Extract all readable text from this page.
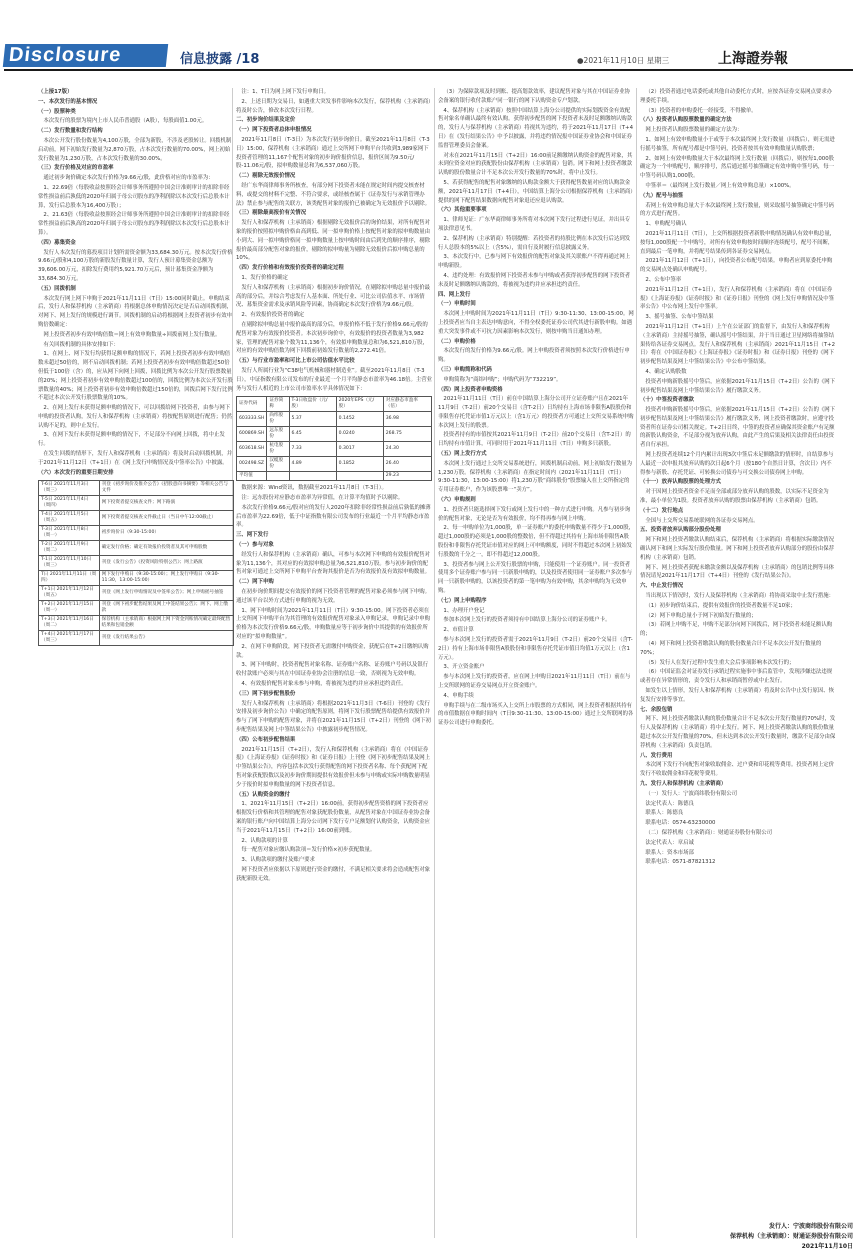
Disclosure	信息披露 /18	●2021年11月10日 星期三	上海證券報

（上接17版）

一、本次发行的基本情况

（一）股票种类

本次发行的股票为境内上市人民币普通股（A股），每股面值1.00元。

（二）发行数量和发行结构

本次公开发行股份数量为4,100万股，全部为新股，不涉及老股转让。回拨机制启动前，网下初始发行数量为2,870万股，占本次发行数量的70.00%，网上初始发行数量为1,230万股，占本次发行数量的30.00%。

（三）发行价格及对应的市盈率

通过初步询价确定本次发行价格为9.66元/股，此价格对应的市盈率为：

1、22.69倍（每股收益按照经会计师事务所遵照中国会计准则审计的扣除非经常性损益前后孰低的2020年归属于母公司股东的净利润除以本次发行后总股本计算，发行后总股本为16,400万股）；

2、21.63倍（每股收益按照经会计师事务所遵照中国会计准则审计的扣除非经常性损益前后孰高的2020年归属于母公司股东的净利润除以本次发行后总股本计算）。

（四）募集资金

发行人本次发行的募投项目计划所需资金额为33,684.30万元。按本次发行价格9.66元/股和4,100万股的新股发行数量计算，发行人预计募集资金总额为39,606.00万元，扣除发行费用约5,921.70万元后，预计募集资金净额为33,684.30万元。

（五）回拨机制

本次发行网上网下申购于2021年11月11日（T日）15:00同时截止。申购结束后，发行人和保荐机构（主承销商）将根据总体申购情况决定是否启动回拨机制，对网下、网上发行的规模进行调节。回拨机制的启动将根据网上投资者初步有效申购倍数确定：

网上投资者初步有效申购倍数＝网上有效申购数量÷回拨前网上发行数量。

有关回拨机制的具体安排如下：

1、在网上、网下发行均获得足额申购的情况下，若网上投资者初步有效申购倍数未超过50倍的，则不启动回拨机制；若网上投资者初步有效申购倍数超过50倍但低于100倍（含）的，应从网下向网上回拨，回拨比例为本次公开发行股票数量的20%；网上投资者初步有效申购倍数超过100倍的，回拨比例为本次公开发行股票数量的40%；网上投资者初步有效申购倍数超过150倍的，回拨后网下发行比例不超过本次公开发行股票数量的10%。

2、在网上发行未获得足额申购的情况下，可以回拨给网下投资者，由参与网下申购的投资者认购，发行人和保荐机构（主承销商）将按配售原则进行配售；仍然认购不足的，则中止发行。

3、在网下发行未获得足额申购的情况下，不足部分不向网上回拨，将中止发行。

在发生回拨的情形下，发行人和保荐机构（主承销商）将及时启动回拨机制，并于2021年11月12日（T+1日）在《网上发行申购情况及中签率公告》中披露。

（六）本次发行的重要日期安排

T-6日 2021年11月3日（周三）	刊登《初步询价及推介公告》《招股意向书摘要》等相关公告与文件
T-5日 2021年11月4日（周四）	网下投资者提交核查文件；网下路演
T-4日 2021年11月5日（周五）	网下投资者提交核查文件截止日（当日中午12:00截止）
T-3日 2021年11月8日（周一）	初步询价日（9:30-15:00）
T-2日 2021年11月9日（周二）	确定发行价格；确定有效报价投资者及其可申购股数
T-1日 2021年11月10日（周三）	刊登《发行公告》《投资风险特别公告》；网上路演
T日 2021年11月11日（周四）	网下发行申购日（9:30-15:00）；网上发行申购日（9:30-11:30，13:00-15:00）
T+1日 2021年11月12日（周五）	刊登《网上发行申购情况及中签率公告》；网上申购摇号抽签
T+2日 2021年11月15日（周一）	刊登《网下初步配售结果及网上中签结果公告》；网下、网上缴款
T+3日 2021年11月16日（周二）	保荐机构（主承销商）根据网上网下资金到账情况确定最终配售结果和包销金额
T+4日 2021年11月17日（周三）	刊登《发行结果公告》

注：1、T日为网上网下发行申购日。

2、上述日期为交易日，如遇重大突发事件影响本次发行，保荐机构（主承销商）将及时公告，修改本次发行日程。

二、初步询价结果及定价

（一）网下投资者总体申报情况

2021年11月8日（T-3日）为本次发行初步询价日。截至2021年11月8日（T-3日）15:00，保荐机构（主承销商）通过上交所网下申购平台共收到3,989家网下投资者管理的11,167个配售对象的初步询价报价信息，报价区间为9.50元/股-11.06元/股，拟申购数量总和为6,537,060万股。

（二）剔除无效报价情况

经广东华商律师事务所核查，有部分网下投资者未能在规定时间内提交核查材料，或提交的材料不完整、不符合要求，或经核查属于《证券发行与承销管理办法》禁止参与配售的关联方，该类配售对象的报价已被确定为无效报价予以剔除。

（三）剔除最高报价有关情况

发行人和保荐机构（主承销商）根据剔除无效报价后的询价结果，对所有配售对象的报价按照拟申购价格由高到低、同一拟申购价格上按配售对象的拟申购数量由小到大、同一拟申购价格同一拟申购数量上按申购时间由后到先的顺序排序，剔除报价最高部分配售对象的报价，剔除的拟申购量为剔除无效报价后拟申购总量的10%。

（四）发行价格和有效报价投资者的确定过程

1、发行价格的确定

发行人和保荐机构（主承销商）根据初步询价情况，在剔除拟申购总量中报价最高的部分后，并综合考虑发行人基本面、所处行业、可比公司估值水平、市场情况、募集资金需求及承销风险等因素，协商确定本次发行价格为9.66元/股。

2、有效报价投资者的确定

在剔除拟申购总量中报价最高的部分后，申报价格不低于发行价格9.66元/股的配售对象为有效报价投资者。本次初步询价中，有效报价的投资者数量为3,982家，管理的配售对象个数为11,136个，有效拟申购数量总和为6,521,810万股，对应的有效申购倍数为网下回拨前初始发行数量的2,272.41倍。

（五）与行业市盈率和可比上市公司估值水平比较

发行人所属行业为“C38电气机械和器材制造业”。截至2021年11月8日（T-3日），中证指数有限公司发布的行业最近一个月平均静态市盈率为46.18倍。主营业务与发行人相近的上市公司市盈率水平具体情况如下：

证券代码	证券简称	T-3日收盘价（元/股）	2020年EPS（元/股）	对应静态市盈率（倍）
603333.SH	尚纬股份	5.37	0.1452	36.98
600869.SH	远东股份	6.45	0.0240	268.75
603618.SH	杭电股份	7.33	0.3017	24.30
002498.SZ	汉缆股份	4.89	0.1852	26.40
平均值				29.23

数据来源：Wind资讯，数据截至2021年11月8日（T-3日）。

注：远东股份对应静态市盈率为异常值，在计算平均值时予以剔除。

本次发行价格9.66元/股对应的发行人2020年扣除非经常性损益前后孰低的摊薄后市盈率为22.69倍，低于中证指数有限公司发布的行业最近一个月平均静态市盈率。

三、网下发行

（一）参与对象

经发行人和保荐机构（主承销商）确认，可参与本次网下申购的有效报价配售对象为11,136个，其对应的有效拟申购总量为6,521,810万股。参与初步询价的配售对象可通过上交所网下申购平台查询其报价是否为有效报价及有效拟申购数量。

（二）网下申购

在初步询价期间提交有效报价的网下投资者管理的配售对象必须参与网下申购。通过该平台以外方式进行申购的视为无效。

1、网下申购时间为2021年11月11日（T日）9:30-15:00。网下投资者必须在上交所网下申购平台为其管理的有效报价配售对象录入申购记录，申购记录中申购价格为本次发行价格9.66元/股，申购数量应等于初步询价中其提供的有效报价所对应的“拟申购数量”。

2、在网下申购阶段，网下投资者无需缴付申购资金，获配后在T+2日缴纳认购款。

3、网下申购时，投资者配售对象名称、证券账户名称、证券账户号码以及银行收付款账户必须与其在中国证券业协会注册的信息一致，否则视为无效申购。

4、有效报价配售对象未参与申购，将被视为违约并应承担违约责任。

（三）网下初步配售股份

发行人和保荐机构（主承销商）将根据2021年11月3日（T-6日）刊登的《发行安排及初步询价公告》中确定的配售原则，将网下发行股票配售给提供有效报价并参与了网下申购的配售对象，并将在2021年11月15日（T+2日）刊登的《网下初步配售结果及网上中签结果公告》中披露初步配售情况。

（四）公布初步配售结果

2021年11月15日（T+2日），发行人和保荐机构（主承销商）将在《中国证券报》《上海证券报》《证券时报》和《证券日报》上刊登《网下初步配售结果及网上中签结果公告》，内容包括本次发行获得配售的网下投资者名称、每个获配网下配售对象获配股数以及初步询价期间提供有效报价但未参与申购或实际申购数量明显少于报价时拟申购数量的网下投资者信息。

（五）认购资金的缴付

1、2021年11月15日（T+2日）16:00前，获得初步配售资格的网下投资者应根据发行价格和其管理的配售对象获配股份数量，从配售对象在中国证券业协会备案的银行账户向中国结算上海分公司网下发行专户足额划付认购资金，认购资金应当于2021年11月15日（T+2日）16:00前到账。

2、认购款项的计算

每一配售对象应缴认购款项＝发行价格×初步获配数量。

3、认购款项的缴付及账户要求

网下投资者应依据以下原则进行资金的缴付，不满足相关要求将会造成配售对象获配新股无效。

（3）为保障款项及时到账、提高划款效率，建议配售对象与其在中国证券业协会备案的银行收付款账户同一银行的网下认购资金专户划款。

4、保荐机构（主承销商）按照中国结算上海分公司提供的实际划拨资金有效配售对象名单确认最终有效认购。获得初步配售的网下投资者未及时足额缴纳认购款的，发行人与保荐机构（主承销商）将视其为违约，将于2021年11月17日（T+4日）在《发行结果公告》中予以披露，并将违约情况报中国证券业协会和中国证券监督管理委员会备案。

对未在2021年11月15日（T+2日）16:00前足额缴纳认购资金的配售对象，其未到位资金对应的获配股份由保荐机构（主承销商）包销。网下和网上投资者缴款认购的股份数量合计不足本次公开发行数量的70%时，将中止发行。

5、若获得配售的配售对象缴纳的认购款金额大于获得配售数量对应的认购款金额，2021年11月17日（T+4日），中国结算上海分公司根据保荐机构（主承销商）提供的网下配售结果数据向配售对象退还应退认购款。

（六）其他重要事项

1、律师见证：广东华商律师事务所将对本次网下发行过程进行见证，并出具专项法律意见书。

2、保荐机构（主承销商）特别提醒：若投资者的持股比例在本次发行后达到发行人总股本的5%以上（含5%），需自行及时履行信息披露义务。

3、本次发行中，已参与网下有效报价的配售对象及其关联账户不得再通过网上申购新股。

4、违约处理：有效报价网下投资者未参与申购或者获得初步配售的网下投资者未及时足额缴纳认购款的，将被视为违约并应承担违约责任。

四、网上发行

（一）申购时间

本次网上申购时间为2021年11月11日（T日）9:30-11:30、13:00-15:00。网上投资者应当自主表达申购意向，不得全权委托证券公司代其进行新股申购。如遇重大突发事件或不可抗力因素影响本次发行，则按申购当日通知办理。

（二）申购价格

本次发行的发行价格为9.66元/股。网上申购投资者须按照本次发行价格进行申购。

（三）申购简称和代码

申购简称为“商纬申购”；申购代码为“732219”。

（四）网上投资者申购资格

2021年11月11日（T日）前在中国结算上海分公司开立证券账户且在2021年11月9日（T-2日）前20个交易日（含T-2日）日均持有上海市场非限售A股股份和非限售存托凭证市值1万元以上（含1万元）的投资者方可通过上交所交易系统申购本次网上发行的股票。

投资者持有的市值按其2021年11月9日（T-2日）前20个交易日（含T-2日）的日均持有市值计算，可同时用于2021年11月11日（T日）申购多只新股。

（五）网上发行方式

本次网上发行通过上交所交易系统进行，回拨机制启动前，网上初始发行数量为1,230万股。保荐机构（主承销商）在指定时间内（2021年11月11日（T日）9:30-11:30，13:00-15:00）将1,230万股“商纬股份”股票输入在上交所指定的专用证券账户，作为该股票唯一“卖方”。

（六）申购规则

1、投资者只能选择网下发行或网上发行中的一种方式进行申购。凡参与初步询价的配售对象，无论是否为有效报价，均不得再参与网上申购。

2、每一申购单位为1,000股，单一证券账户的委托申购数量不得少于1,000股，超过1,000股的必须是1,000股的整数倍，但不得超过其持有上海市场非限售A股股份和非限售存托凭证市值对应的网上可申购额度，同时不得超过本次网上初始发行股数的千分之一，即不得超过12,000股。

3、投资者参与网上公开发行股票的申购，只能使用一个证券账户。同一投资者使用多个证券账户参与同一只新股申购的，以及投资者使用同一证券账户多次参与同一只新股申购的，以该投资者的第一笔申购为有效申购，其余申购均为无效申购。

（七）网上申购程序

1、办理开户登记

参加本次网上发行的投资者须持有中国结算上海分公司的证券账户卡。

2、市值计算

参与本次网上发行的投资者需于2021年11月9日（T-2日）前20个交易日（含T-2日）持有上海市场非限售A股股份和非限售存托凭证市值日均值1万元以上（含1万元）。

3、开立资金账户

参与本次网上发行的投资者，应在网上申购日2021年11月11日（T日）前在与上交所联网的证券交易网点开立资金账户。

4、申购手续

申购手续与在二级市场买入上交所上市股票的方式相同，网上投资者根据其持有的市值数据在申购时间内（T日9:30-11:30、13:00-15:00）通过上交所联网的各证券公司进行申购委托。

（2）投资者通过电话委托或其他自动委托方式时，应按各证券交易网点要求办理委托手续。

（3）投资者的申购委托一经接受，不得撤单。

（八）投资者认购股票数量的确定方法

网上投资者认购股票数量的确定方法为：

1、如网上有效申购数量小于或等于本次最终网上发行数量（回拨后），则无需进行摇号抽签，所有配号都是中签号码，投资者按其有效申购数量认购股票；

2、如网上有效申购数量大于本次最终网上发行数量（回拨后），则按每1,000股确定为一个申购配号，顺序排号，然后通过摇号抽签确定有效申购中签号码，每一中签号码认购1,000股。

中签率＝（最终网上发行数量／网上有效申购总量）×100%。

（九）配号与抽签

若网上有效申购总量大于本次最终网上发行数量，则采取摇号抽签确定中签号码的方式进行配售。

1、申购配号确认

2021年11月11日（T日），上交所根据投资者新股申购情况确认有效申购总量，按每1,000股配一个申购号，对所有有效申购按时间顺序连续配号，配号不间断，直到最后一笔申购，并将配号结果传到各证券交易网点。

2021年11月12日（T+1日），向投资者公布配号结果。申购者应到原委托申购的交易网点处确认申购配号。

2、公布中签率

2021年11月12日（T+1日），发行人和保荐机构（主承销商）将在《中国证券报》《上海证券报》《证券时报》和《证券日报》刊登的《网上发行申购情况及中签率公告》中公布网上发行中签率。

3、摇号抽签、公布中签结果

2021年11月12日（T+1日）上午在公证部门的监督下，由发行人和保荐机构（主承销商）主持摇号抽签，确认摇号中签结果，并于当日通过卫星网络将抽签结果传给各证券交易网点。发行人和保荐机构（主承销商）2021年11月15日（T+2日）将在《中国证券报》《上海证券报》《证券时报》和《证券日报》刊登的《网下初步配售结果及网上中签结果公告》中公布中签结果。

4、确定认购股数

投资者申购新股摇号中签后，应依据2021年11月15日（T+2日）公告的《网下初步配售结果及网上中签结果公告》履行缴款义务。

（十）中签投资者缴款

投资者申购新股摇号中签后，应依据2021年11月15日（T+2日）公告的《网下初步配售结果及网上中签结果公告》履行缴款义务，网上投资者缴款时，应遵守投资者所在证券公司相关规定。T+2日日终，中签的投资者应确保其资金账户有足额的新股认购资金，不足部分视为放弃认购，由此产生的后果及相关法律责任由投资者自行承担。

网上投资者连续12个月内累计出现3次中签后未足额缴款的情形时，自结算参与人最近一次申报其放弃认购的次日起6个月（按180个自然日计算，含次日）内不得参与新股、存托凭证、可转换公司债券与可交换公司债券网上申购。

（十一）放弃认购股票的处理方式

对于因网上投资者资金不足而全部或部分放弃认购的股数，以实际不足资金为准，最小单位为1股。投资者放弃认购的股票由保荐机构（主承销商）包销。

（十二）发行地点

全国与上交所交易系统联网的各证券交易网点。

五、投资者放弃认购部分股份处理

网下和网上投资者缴款认购结束后，保荐机构（主承销商）将根据实际缴款情况确认网下和网上实际发行股份数量。网下和网上投资者放弃认购部分的股份由保荐机构（主承销商）包销。

网下、网上投资者获配未缴款金额以及保荐机构（主承销商）的包销比例等具体情况请见2021年11月17日（T+4日）刊登的《发行结果公告》。

六、中止发行情况

当出现以下情况时，发行人及保荐机构（主承销商）将协商采取中止发行措施：

（1）初步询价结束后，提供有效报价的投资者数量不足10家；

（2）网下申购总量小于网下初始发行数量的；

（3）若网上申购不足，申购不足部分向网下回拨后，网下投资者未能足额认购的；

（4）网下和网上投资者缴款认购的股份数量合计不足本次公开发行数量的70%；

（5）发行人在发行过程中发生重大会后事项影响本次发行的；

（6）中国证监会对证券发行承销过程实施事中事后监管中，发现涉嫌违法违规或者存在异常情形的，责令发行人和承销商暂停或中止发行。

如发生以上情形，发行人和保荐机构（主承销商）将及时公告中止发行原因、恢复发行安排等事宜。

七、余股包销

网下、网上投资者缴款认购的股份数量合计不足本次公开发行数量的70%时，发行人及保荐机构（主承销商）将中止发行。网下、网上投资者缴款认购的股份数量超过本次公开发行数量的70%，但未达到本次公开发行数量时，缴款不足部分由保荐机构（主承销商）负责包销。

八、发行费用

本次网下发行不向配售对象收取佣金、过户费和印花税等费用。投资者网上定价发行不收取佣金和印花税等费用。

九、发行人和保荐机构（主承销商）

（一）发行人：宁波商纬股份有限公司

法定代表人：陈德良

联系人：陈德良

联系电话：0574-63230000

（二）保荐机构（主承销商）：财通证券股份有限公司

法定代表人：章启诚

联系人：资本市场部

联系电话：0571-87821312

发行人：宁波商纬股份有限公司
保荐机构（主承销商）：财通证券股份有限公司
2021年11月10日
